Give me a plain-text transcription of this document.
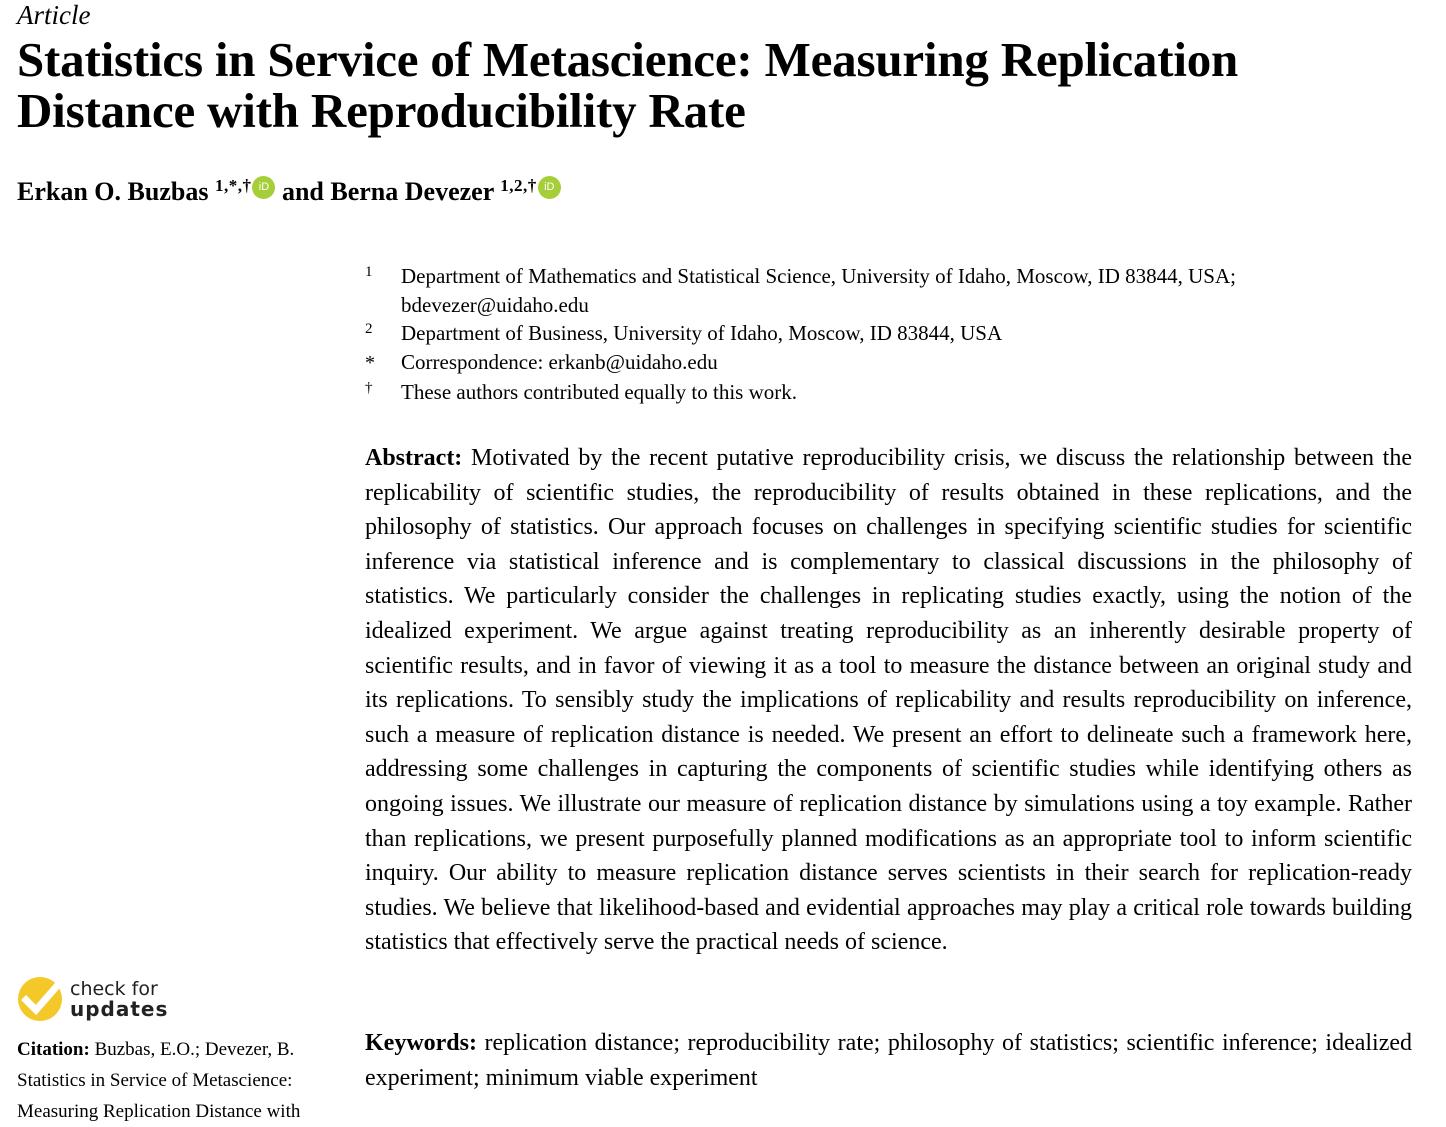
Article
Statistics in Service of Metascience: Measuring Replication Distance with Reproducibility Rate
Erkan O. Buzbas $^{1,*,\dagger}$ iD and Berna Devezer $^{1,2,\dagger}$ iD
1	Department of Mathematics and Statistical Science, University of Idaho, Moscow, ID 83844, USA; bdevezer@uidaho.edu
2	Department of Business, University of Idaho, Moscow, ID 83844, USA
*	Correspondence: erkanb@uidaho.edu
†	These authors contributed equally to this work.

Abstract: Motivated by the recent putative reproducibility crisis, we discuss the relationship between the replicability of scientific studies, the reproducibility of results obtained in these replications, and the philosophy of statistics. Our approach focuses on challenges in specifying scientific studies for scientific inference via statistical inference and is complementary to classical discussions in the philosophy of statistics. We particularly consider the challenges in replicating studies exactly, using the notion of the idealized experiment. We argue against treating reproducibility as an inherently desirable property of scientific results, and in favor of viewing it as a tool to measure the distance between an original study and its replications. To sensibly study the implications of replicability and results reproducibility on inference, such a measure of replication distance is needed. We present an effort to delineate such a framework here, addressing some challenges in capturing the components of scientific studies while identifying others as ongoing issues. We illustrate our measure of replication distance by simulations using a toy example. Rather than replications, we present purposefully planned modifications as an appropriate tool to inform scientific inquiry. Our ability to measure replication distance serves scientists in their search for replication-ready studies. We believe that likelihood-based and evidential approaches may play a critical role towards building statistics that effectively serve the practical needs of science.

check for
updates
Citation: Buzbas, E.O.; Devezer, B. Statistics in Service of Metascience: Measuring Replication Distance with

Keywords: replication distance; reproducibility rate; philosophy of statistics; scientific inference; idealized experiment; minimum viable experiment
